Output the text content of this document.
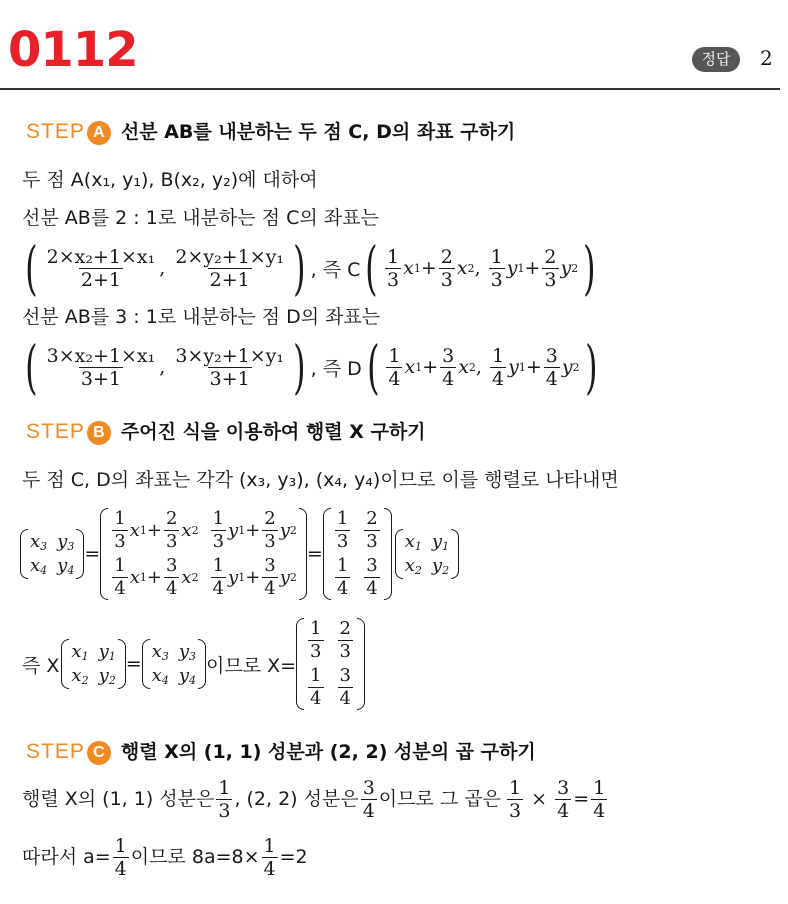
0112	정답	2
STEP A 선분 AB를 내분하는 두 점 C, D의 좌표 구하기
두 점 A(x₁, y₁), B(x₂, y₂)에 대하여
선분 AB를 2 : 1로 내분하는 점 C의 좌표는
( $\frac{\text{2×x₂+1×x₁}}{2+1}$ , $\frac{\text{2×y₂+1×y₁}}{2+1}$ ) , 즉 C ( $\frac{1}{3}$ x $1 + \frac{2}{3}$ x 2 , $\frac{1}{3}$ y $1 + \frac{2}{3}$ y 2 )
선분 AB를 3 : 1로 내분하는 점 D의 좌표는
( $\frac{\text{3×x₂+1×x₁}}{3+1}$ , $\frac{\text{3×y₂+1×y₁}}{3+1}$ ) , 즉 D ( $\frac{1}{4}$ x $1 + \frac{3}{4}$ x 2 , $\frac{1}{4}$ y $1 + \frac{3}{4}$ y 2 )
STEP B 주어진 식을 이용하여 행렬 X 구하기
두 점 C, D의 좌표는 각각 (x₃, y₃), (x₄, y₄)이므로 이를 행렬로 나타내면
$x_3$ $y_3$
$x_4$ $y_4$
=
$\frac{1}{3}$ x $1 + \frac{2}{3}$ x $2 \frac{1}{3}$ y $1 + \frac{2}{3}$ y 2
$\frac{1}{4}$ x $1 + \frac{3}{4}$ x $2 \frac{1}{4}$ y $1 + \frac{3}{4}$ y 2
=
$\frac{1}{3} \frac{2}{3}$
$\frac{1}{4} \frac{3}{4}$
$x_1$ $y_1$
$x_2$ $y_2$
즉 X
$x_1$ $y_1$
$x_2$ $y_2$
=
$x_3$ $y_3$
$x_4$ $y_4$
이므로 X=
$\frac{1}{3} \frac{2}{3}$
$\frac{1}{4} \frac{3}{4}$
STEP C 행렬 X의 (1, 1) 성분과 (2, 2) 성분의 곱 구하기
행렬 X의 (1, 1) 성분은 $\frac{1}{3}$ , (2, 2) 성분은 $\frac{3}{4}$ 이므로 그 곱은 $\frac{1}{3} \times \frac{3}{4} = \frac{1}{4}$
따라서 $a= \frac{1}{4}$ 이므로 $8a=8\times \frac{1}{4} =2$
